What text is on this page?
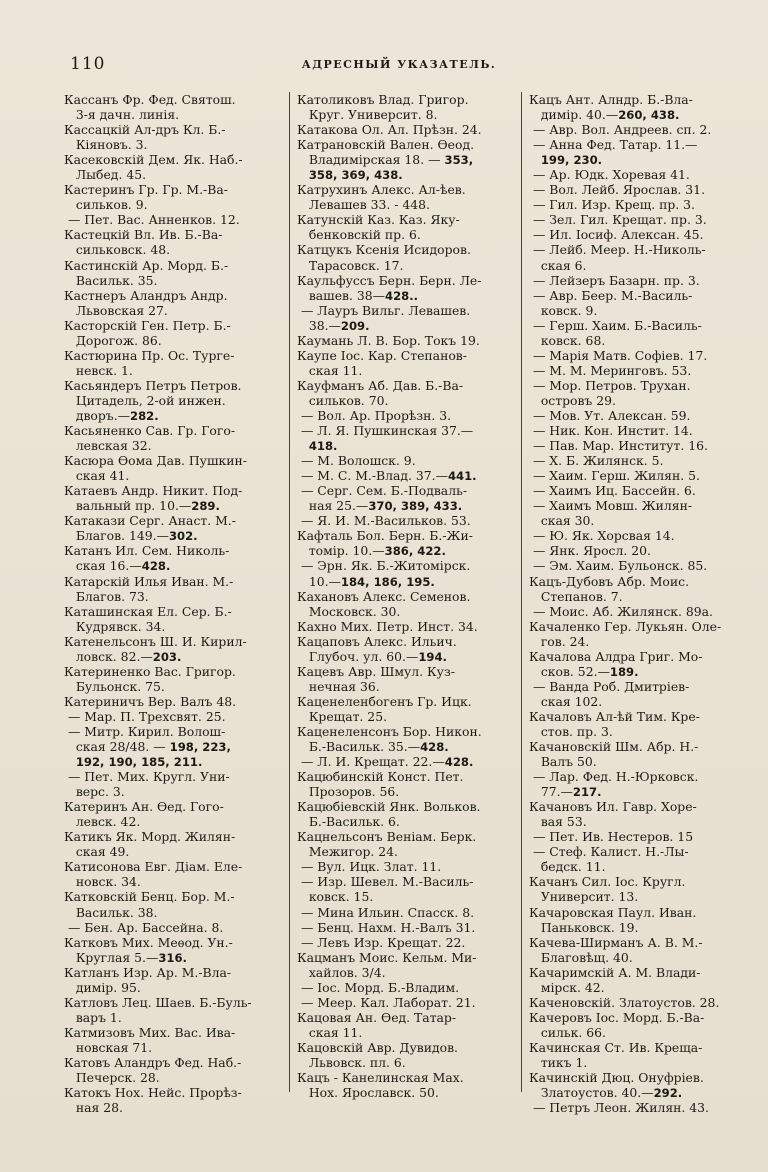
110	АДРЕСНЫЙ УКАЗАТЕЛЬ.
Кассанъ Фр. Фед. Святош.
3-я дачн. линія.
Кассацкій Ал-дръ Кл. Б.-
Кіяновъ. 3.
Касековскій Дем. Як. Наб.-
Лыбед. 45.
Кастеринъ Гр. Гр. М.-Ва-
сильков. 9.
— Пет. Вас. Анненков. 12.
Кастецкій Вл. Ив. Б.-Ва-
сильковск. 48.
Кастинскій Ар. Морд. Б.-
Васильк. 35.
Кастнеръ Аландръ Андр.
Львовская 27.
Касторскій Ген. Петр. Б.-
Дорогож. 86.
Кастюрина Пр. Ос. Турге-
невск. 1.
Касьяндеръ Петръ Петров.
Цитадель, 2-ой инжен.
дворъ.—282.
Касьяненко Сав. Гр. Гого-
левская 32.
Касюра Ѳома Дав. Пушкин-
ская 41.
Катаевъ Андр. Никит. Под-
вальный пр. 10.—289.
Катакази Серг. Анаст. М.-
Благов. 149.—302.
Катанъ Ил. Сем. Николь-
ская 16.—428.
Катарскій Илья Иван. М.-
Благов. 73.
Каташинская Ел. Сер. Б.-
Кудрявск. 34.
Катенельсонъ Ш. И. Кирил-
ловск. 82.—203.
Катериненко Вас. Григор.
Бульонск. 75.
Катериничъ Вер. Валъ 48.
— Мар. П. Трехсвят. 25.
— Митр. Кирил. Волош-
ская 28/48. — 198, 223,
192, 190, 185, 211.
— Пет. Мих. Кругл. Уни-
верс. 3.
Катеринъ Ан. Ѳед. Гого-
левск. 42.
Катикъ Як. Морд. Жилян-
ская 49.
Катисонова Евг. Діам. Еле-
новск. 34.
Катковскій Бенц. Бор. М.-
Васильк. 38.
— Бен. Ар. Бассейна. 8.
Катковъ Мих. Меѳод. Ун.-
Круглая 5.—316.
Катланъ Изр. Ар. М.-Вла-
димір. 95.
Катловъ Лец. Шаев. Б.-Буль-
варъ 1.
Катмизовъ Мих. Вас. Ива-
новская 71.
Катовъ Аландръ Фед. Наб.-
Печерск. 28.
Катокъ Нох. Нейс. Прорѣз-
ная 28.
Католиковъ Влад. Григор.
Круг. Университ. 8.
Катакова Ол. Ал. Прѣзн. 24.
Катрановскій Вален. Ѳеод.
Владимірская 18. — 353,
358, 369, 438.
Катрухинъ Алекс. Ал-ѣев.
Левашев 33. - 448.
Катунскій Каз. Каз. Яку-
бенковскій пр. 6.
Катцукъ Ксенія Исидоров.
Тарасовск. 17.
Каульфуссъ Берн. Берн. Ле-
вашев. 38—428..
— Лауръ Вильг. Левашев.
38.—209.
Каумань Л. В. Бор. Токъ 19.
Каупе Іос. Кар. Степанов-
ская 11.
Кауфманъ Аб. Дав. Б.-Ва-
сильков. 70.
— Вол. Ар. Прорѣзн. 3.
— Л. Я. Пушкинская 37.—
418.
— М. Волошск. 9.
— М. С. М.-Влад. 37.—441.
— Серг. Сем. Б.-Подваль-
ная 25.—370, 389, 433.
— Я. И. М.-Васильков. 53.
Кафталь Бол. Берн. Б.-Жи-
томір. 10.—386, 422.
— Эрн. Як. Б.-Житомірск.
10.—184, 186, 195.
Кахановъ Алекс. Семенов.
Московск. 30.
Кахно Мих. Петр. Инст. 34.
Кацаповъ Алекс. Ильич.
Глубоч. ул. 60.—194.
Кацевъ Авр. Шмул. Куз-
нечная 36.
Каценеленбогенъ Гр. Ицк.
Крещат. 25.
Каценеленсонъ Бор. Никон.
Б.-Васильк. 35.—428.
— Л. И. Крещат. 22.—428.
Кацюбинскій Конст. Пет.
Прозоров. 56.
Кацюбіевскій Янк. Вольков.
Б.-Васильк. 6.
Кацнельсонъ Веніам. Берк.
Межигор. 24.
— Вул. Ицк. Злат. 11.
— Изр. Шевел. М.-Василь-
ковск. 15.
— Мина Ильин. Спасск. 8.
— Бенц. Нахм. Н.-Валъ 31.
— Левъ Изр. Крещат. 22.
Кацманъ Моис. Кельм. Ми-
хайлов. 3/4.
— Іос. Морд. Б.-Владим.
— Меер. Кал. Лаборат. 21.
Кацовая Ан. Ѳед. Татар-
ская 11.
Кацовскій Авр. Дувидов.
Львовск. пл. 6.
Кацъ - Канелинская Мах.
Нох. Ярославск. 50.
Кацъ Ант. Алндр. Б.-Вла-
димір. 40.—260, 438.
— Авр. Вол. Андреев. сп. 2.
— Анна Фед. Татар. 11.—
199, 230.
— Ар. Юдк. Хоревая 41.
— Вол. Лейб. Ярослав. 31.
— Гил. Изр. Крещ. пр. 3.
— Зел. Гил. Крещат. пр. 3.
— Ил. Іосиф. Алексан. 45.
— Лейб. Меер. Н.-Николь-
ская 6.
— Лейзеръ Базарн. пр. 3.
— Авр. Беер. М.-Василь-
ковск. 9.
— Герш. Хаим. Б.-Василь-
ковск. 68.
— Марія Матв. Софіев. 17.
— М. М. Меринговъ. 53.
— Мор. Петров. Трухан.
островъ 29.
— Мов. Ут. Алексан. 59.
— Ник. Кон. Инстит. 14.
— Пав. Мар. Институт. 16.
— Х. Б. Жилянск. 5.
— Хаим. Герш. Жилян. 5.
— Хаимъ Иц. Бассейн. 6.
— Хаимъ Мовш. Жилян-
ская 30.
— Ю. Як. Хорсвая 14.
— Янк. Яросл. 20.
— Эм. Хаим. Бульонск. 85.
Кацъ-Дубовъ Абр. Моис.
Степанов. 7.
— Моис. Аб. Жилянск. 89а.
Качаленко Гер. Лукьян. Оле-
гов. 24.
Качалова Алдра Григ. Мо-
сков. 52.—189.
— Ванда Роб. Дмитріев-
ская 102.
Качаловъ Ал-ѣй Тим. Кре-
стов. пр. 3.
Качановскій Шм. Абр. Н.-
Валъ 50.
— Лар. Фед. Н.-Юрковск.
77.—217.
Качановъ Ил. Гавр. Хоре-
вая 53.
— Пет. Ив. Нестеров. 15
— Стеф. Калист. Н.-Лы-
бедск. 11.
Качанъ Сил. Іос. Кругл.
Университ. 13.
Качаровская Паул. Иван.
Паньковск. 19.
Качева-Ширманъ А. В. М.-
Благовѣщ. 40.
Качаримскій А. М. Влади-
мірск. 42.
Каченовскій. Златоустов. 28.
Качеровъ Іос. Морд. Б.-Ва-
сильк. 66.
Качинская Ст. Ив. Креща-
тикъ 1.
Качинскій Дюц. Онуфріев.
Златоустов. 40.—292.
— Петръ Леон. Жилян. 43.
